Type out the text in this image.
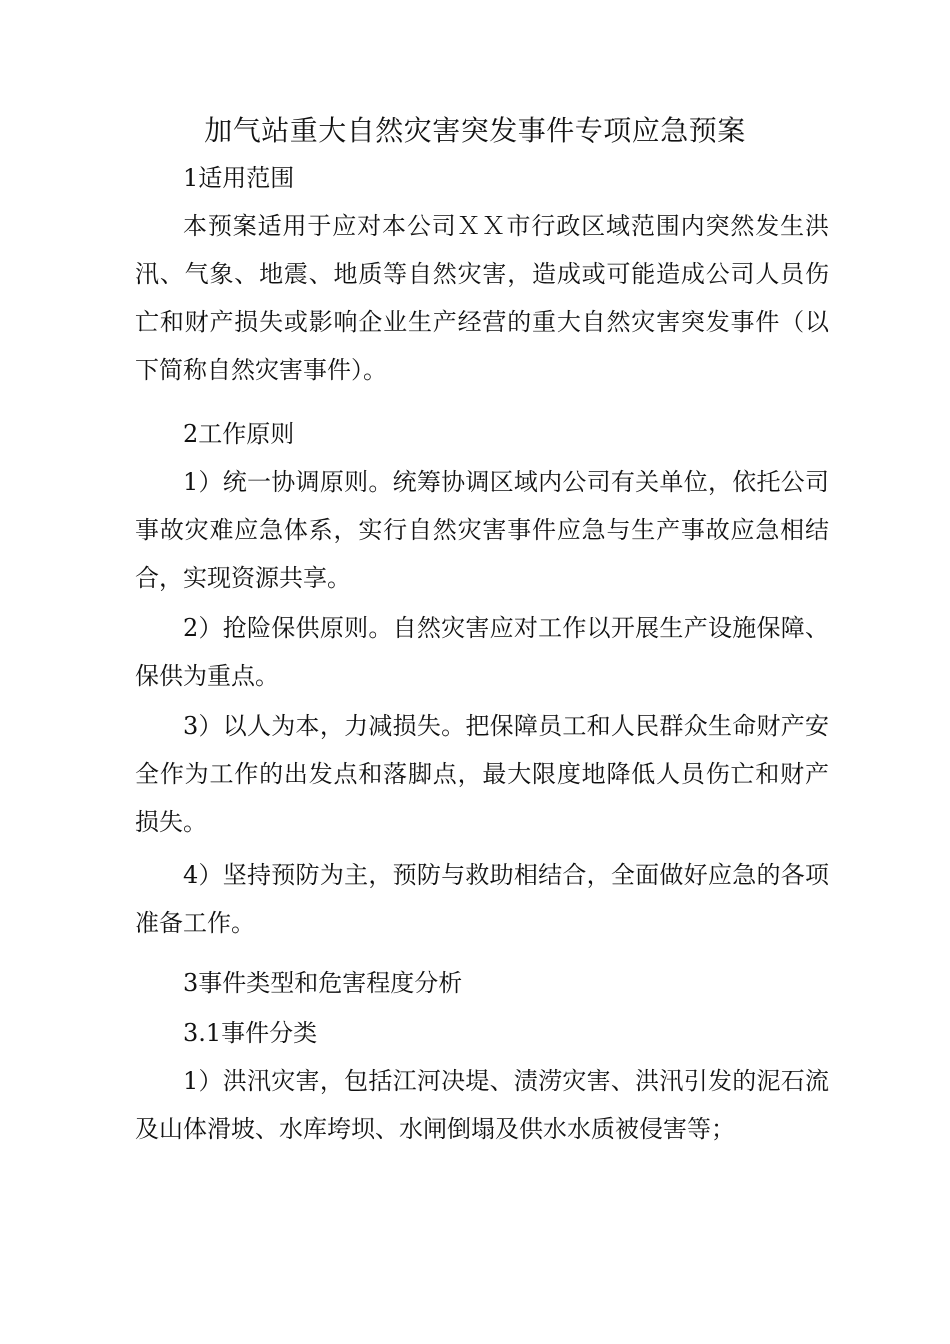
加气站重大自然灾害突发事件专项应急预案

1适用范围

本预案适用于应对本公司ＸＸ市行政区域范围内突然发生洪汛、气象、地震、地质等自然灾害，造成或可能造成公司人员伤亡和财产损失或影响企业生产经营的重大自然灾害突发事件（以下简称自然灾害事件）。

2工作原则

1）统一协调原则。统筹协调区域内公司有关单位，依托公司事故灾难应急体系，实行自然灾害事件应急与生产事故应急相结合，实现资源共享。

2）抢险保供原则。自然灾害应对工作以开展生产设施保障、保供为重点。

3）以人为本，力减损失。把保障员工和人民群众生命财产安全作为工作的出发点和落脚点，最大限度地降低人员伤亡和财产损失。

4）坚持预防为主，预防与救助相结合，全面做好应急的各项准备工作。

3事件类型和危害程度分析

3.1事件分类

1）洪汛灾害，包括江河决堤、渍涝灾害、洪汛引发的泥石流及山体滑坡、水库垮坝、水闸倒塌及供水水质被侵害等；
